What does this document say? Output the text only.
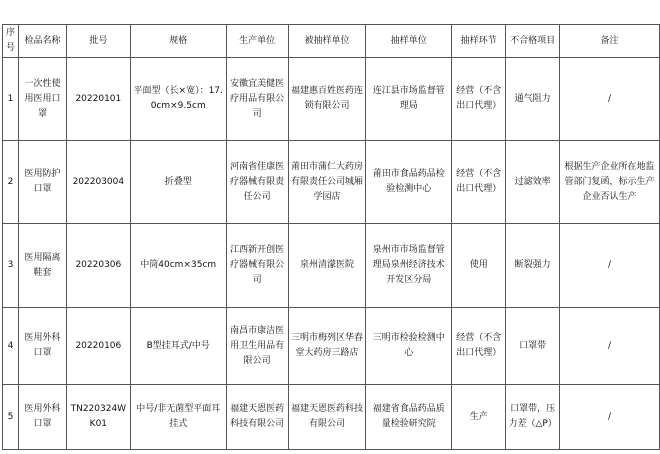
序号	检品名称	批号	规格	生产单位	被抽样单位	抽样单位	抽样环节	不合格项目	备注
1	一次性使用医用口罩	20220101	平面型（长×宽）：17.0cm×9.5cm	安徽宜美健医疗用品有限公司	福建惠百姓医药连锁有限公司	连江县市场监督管理局	经营（不含出口代理）	通气阻力	/
2	医用防护口罩	202203004	折叠型	河南省佳康医疗器械有限责任公司	莆田市蒲仁大药房有限责任公司城厢学园店	莆田市食品药品检验检测中心	经营（不含出口代理）	过滤效率	根据生产企业所在地监管部门复函，标示生产企业否认生产
3	医用隔离鞋套	20220306	中筒40cm×35cm	江西新开创医疗器械有限公司	泉州清濛医院	泉州市市场监督管理局泉州经济技术开发区分局	使用	断裂强力	/
4	医用外科口罩	20220106	B型挂耳式/中号	南昌市康洁医用卫生用品有限公司	三明市梅列区华春堂大药房三路店	三明市检验检测中心	经营（不含出口代理）	口罩带	/
5	医用外科口罩	TN220324WK01	中号/非无菌型平面耳挂式	福建天恩医药科技有限公司	福建天恩医药科技有限公司	福建省食品药品质量检验研究院	生产	口罩带，压力差（△P）	/
